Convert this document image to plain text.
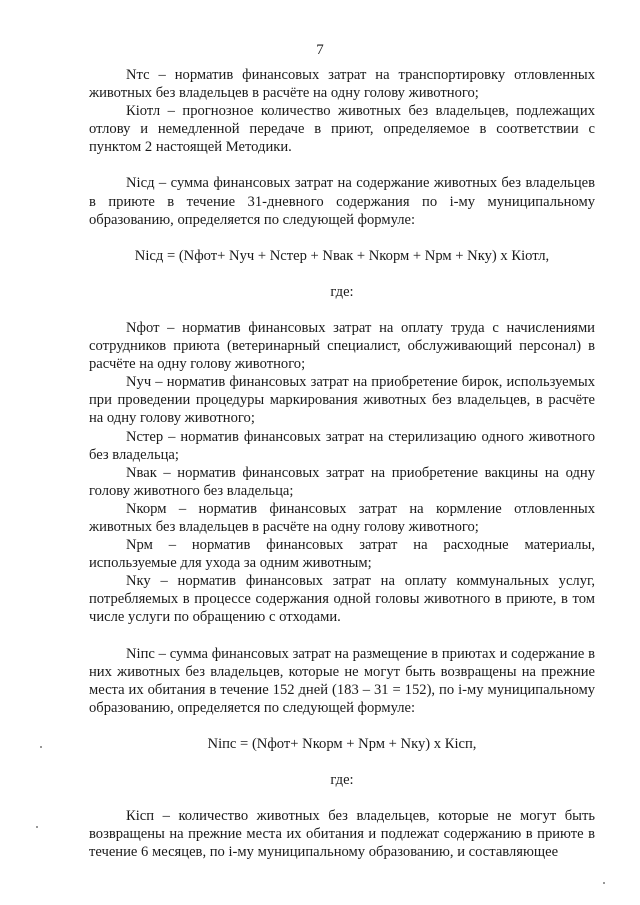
7

Nтс – норматив финансовых затрат на транспортировку отловленных животных без владельцев в расчёте на одну голову животного;

Кiотл – прогнозное количество животных без владельцев, подлежащих отлову и немедленной передаче в приют, определяемое в соответствии с пунктом 2 настоящей Методики.

Nісд – сумма финансовых затрат на содержание животных без владельцев в приюте в течение 31-дневного содержания по i-му муниципальному образованию, определяется по следующей формуле:

Nісд = (Nфот+ Nуч + Nстер + Nвак + Nкорм + Nрм + Nку) x Кiотл,

где:

Nфот – норматив финансовых затрат на оплату труда с начислениями сотрудников приюта (ветеринарный специалист, обслуживающий персонал) в расчёте на одну голову животного;

Nуч – норматив финансовых затрат на приобретение бирок, используемых при проведении процедуры маркирования животных без владельцев, в расчёте на одну голову животного;

Nстер – норматив финансовых затрат на стерилизацию одного животного без владельца;

Nвак – норматив финансовых затрат на приобретение вакцины на одну голову животного без владельца;

Nкорм – норматив финансовых затрат на кормление отловленных животных без владельцев в расчёте на одну голову животного;

Nрм – норматив финансовых затрат на расходные материалы, используемые для ухода за одним животным;

Nку – норматив финансовых затрат на оплату коммунальных услуг, потребляемых в процессе содержания одной головы животного в приюте, в том числе услуги по обращению с отходами.

Nіпс – сумма финансовых затрат на размещение в приютах и содержание в них животных без владельцев, которые не могут быть возвращены на прежние места их обитания в течение 152 дней (183 – 31 = 152), по i-му муниципальному образованию, определяется по следующей формуле:

Nіпс = (Nфот+ Nкорм + Nрм + Nку) x Кiсп,

где:

Кiсп – количество животных без владельцев, которые не могут быть возвращены на прежние места их обитания и подлежат содержанию в приюте в течение 6 месяцев, по i-му муниципальному образованию, и составляющее
